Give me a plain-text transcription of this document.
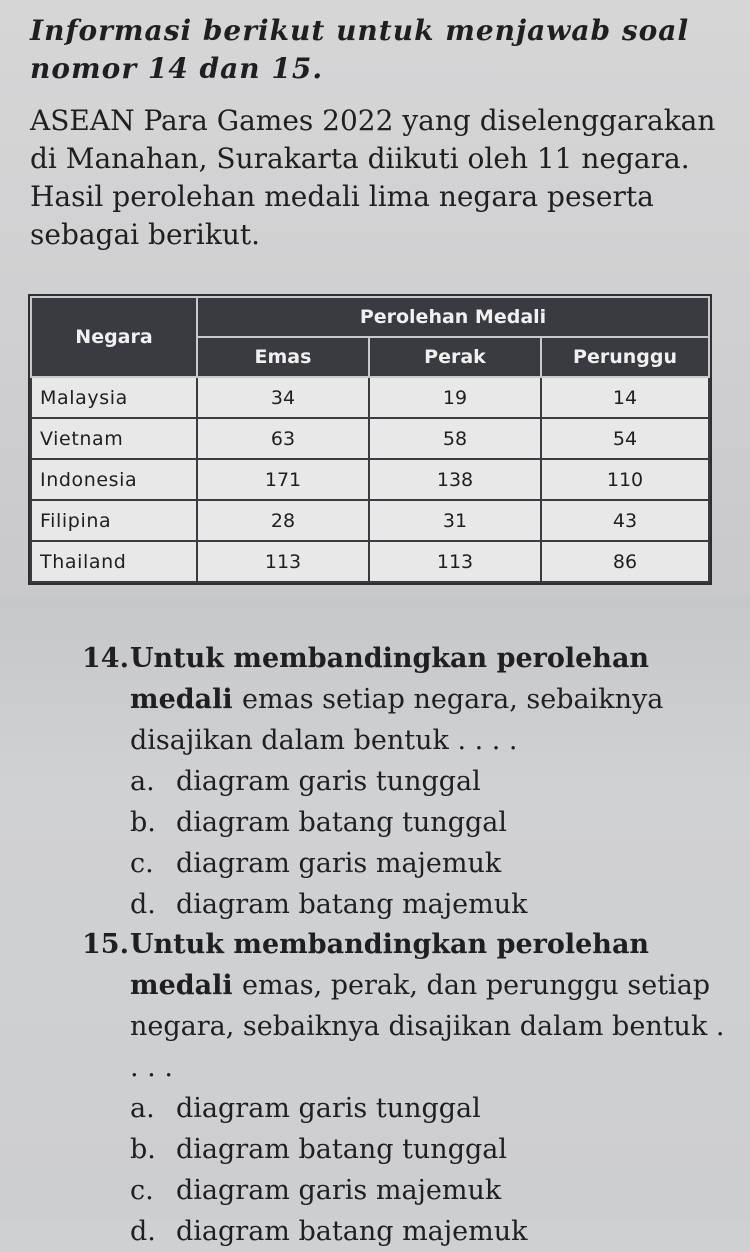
Informasi berikut untuk menjawab soal nomor 14 dan 15.
ASEAN Para Games 2022 yang diselenggarakan di Manahan, Surakarta diikuti oleh 11 negara. Hasil perolehan medali lima negara peserta sebagai berikut.
Negara	Perolehan Medali		
	Emas	Perak	Perunggu
Malaysia	34	19	14
Vietnam	63	58	54
Indonesia	171	138	110
Filipina	28	31	43
Thailand	113	113	86
14. Untuk membandingkan perolehan medali emas setiap negara, sebaiknya disajikan dalam bentuk . . . .
a. diagram garis tunggal
b. diagram batang tunggal
c. diagram garis majemuk
d. diagram batang majemuk
15. Untuk membandingkan perolehan medali emas, perak, dan perunggu setiap negara, sebaiknya disajikan dalam bentuk . . . .
a. diagram garis tunggal
b. diagram batang tunggal
c. diagram garis majemuk
d. diagram batang majemuk
